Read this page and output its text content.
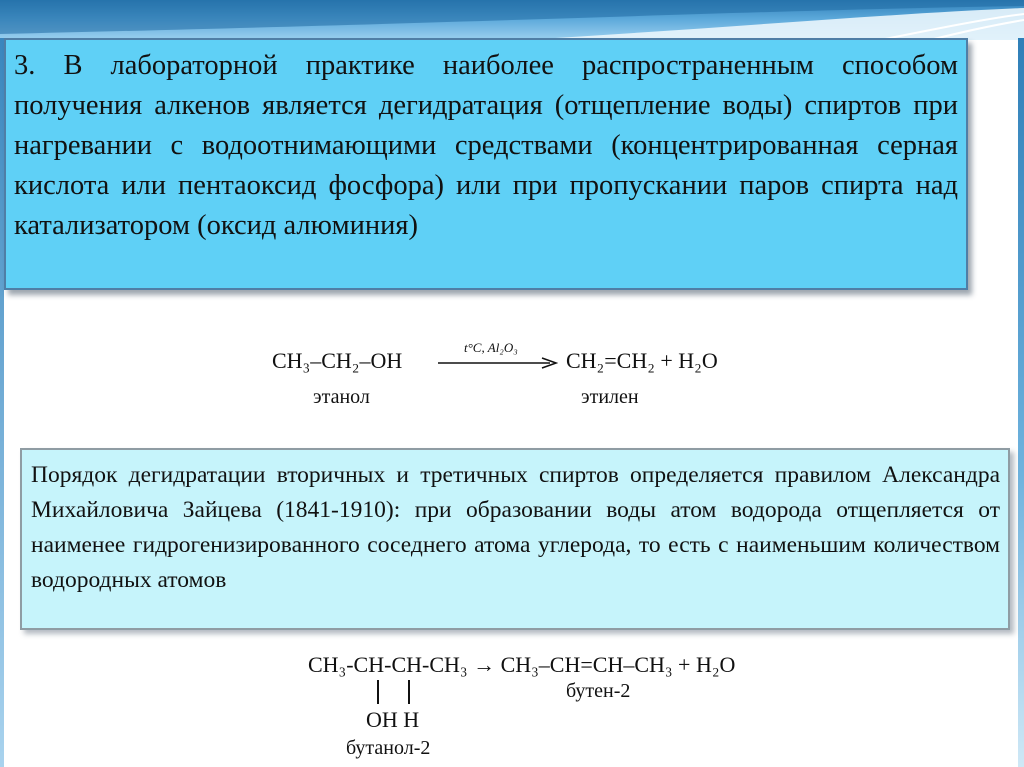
3. В лабораторной практике наиболее распространенным способом получения алкенов является дегидратация (отщепление воды) спиртов при нагревании с водоотнимающими средствами (концентрированная серная кислота или пентаоксид фосфора) или при пропускании паров спирта над катализатором (оксид алюминия)

CH₃–CH₂–OH
t°C, Al₂O₃
CH₂=CH₂ + H₂O
этанол	этилен

Порядок дегидратации вторичных и третичных спиртов определяется правилом Александра Михайловича Зайцева (1841-1910): при образовании воды атом водорода отщепляется от наименее гидрогенизированного соседнего атома углерода, то есть с наименьшим количеством водородных атомов

CH₃-CH-CH-CH₃ → CH₃–CH=CH–CH₃ + H₂O
бутен-2
OH H
бутанол-2
